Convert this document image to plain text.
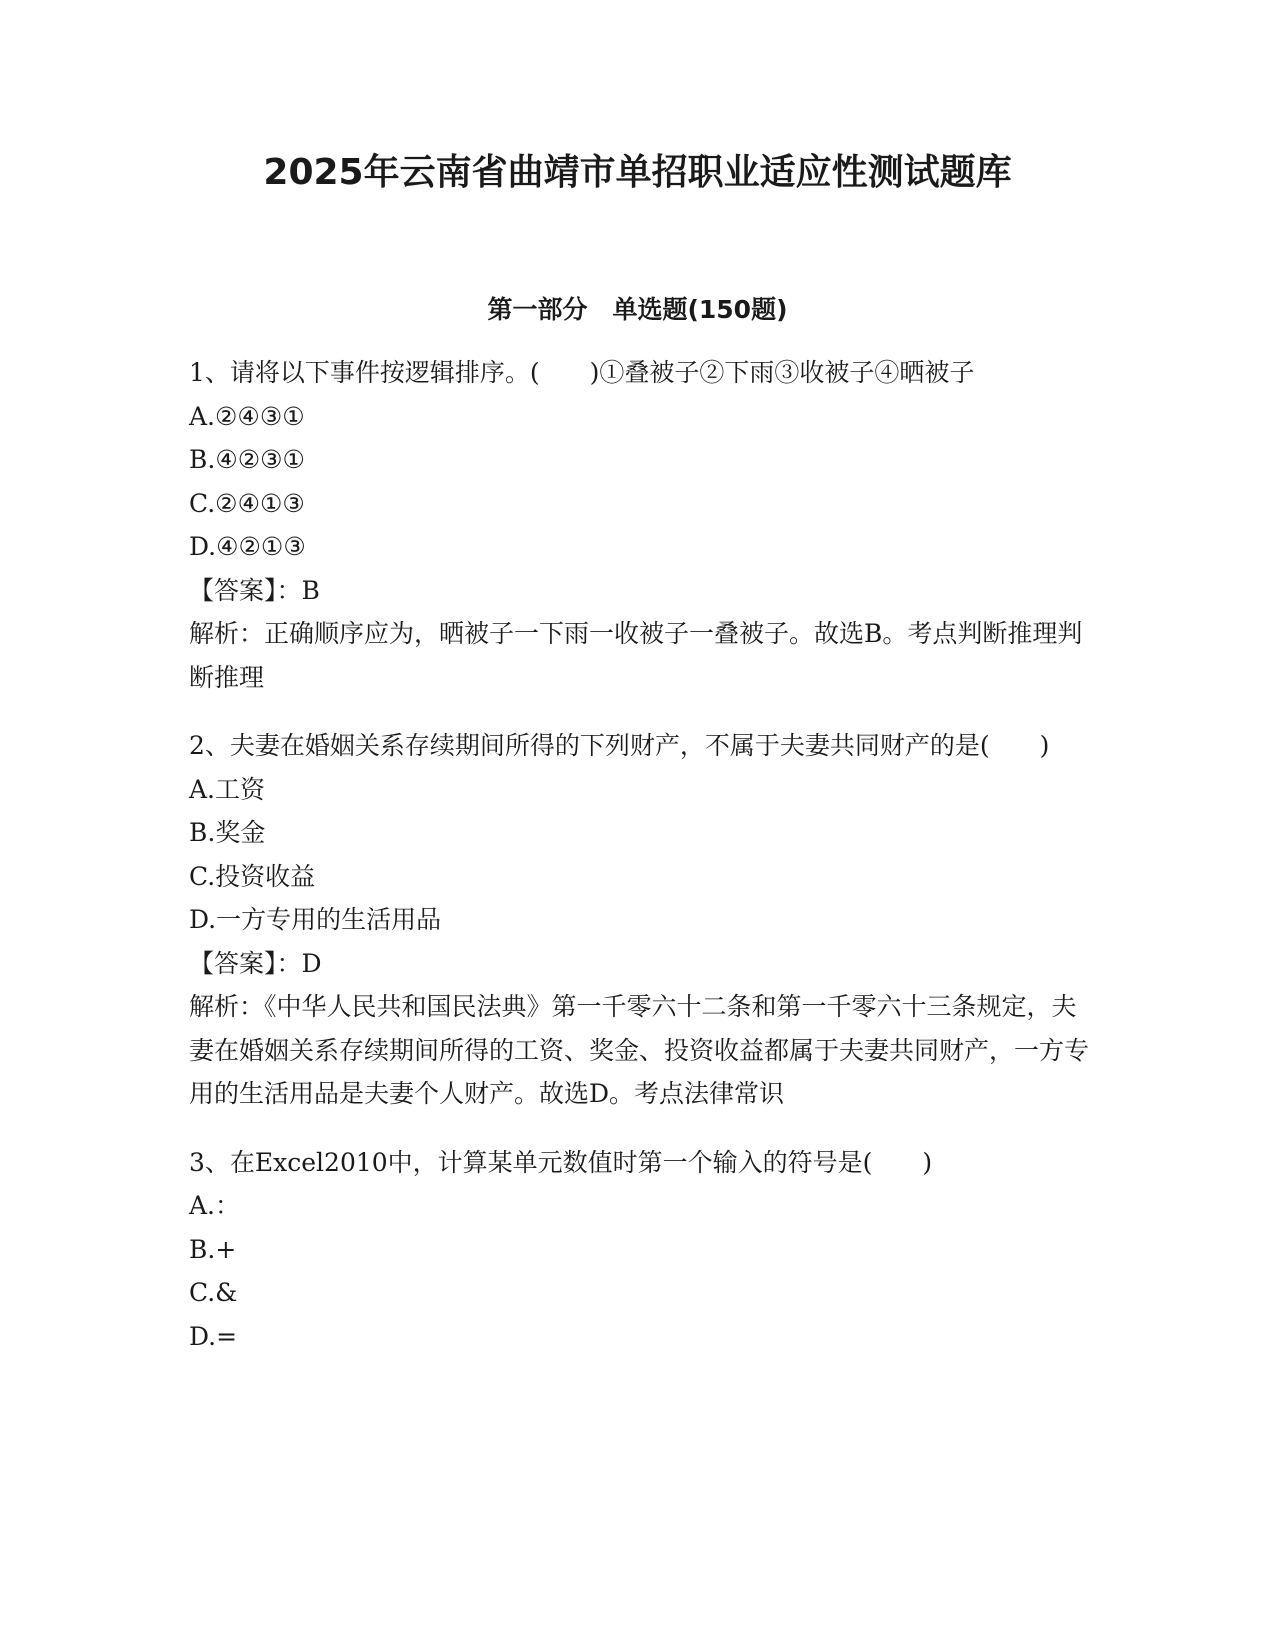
2025年云南省曲靖市单招职业适应性测试题库
第一部分　单选题(150题)
1、请将以下事件按逻辑排序。(　　)①叠被子②下雨③收被子④晒被子
A.②④③①
B.④②③①
C.②④①③
D.④②①③
【答案】：B
解析：正确顺序应为，晒被子一下雨一收被子一叠被子。故选B。考点判断推理判断推理
2、夫妻在婚姻关系存续期间所得的下列财产，不属于夫妻共同财产的是(　　)
A.工资
B.奖金
C.投资收益
D.一方专用的生活用品
【答案】：D
解析：《中华人民共和国民法典》第一千零六十二条和第一千零六十三条规定，夫妻在婚姻关系存续期间所得的工资、奖金、投资收益都属于夫妻共同财产，一方专用的生活用品是夫妻个人财产。故选D。考点法律常识
3、在Excel2010中，计算某单元数值时第一个输入的符号是(　　)
A.：
B.+
C.&
D.=
